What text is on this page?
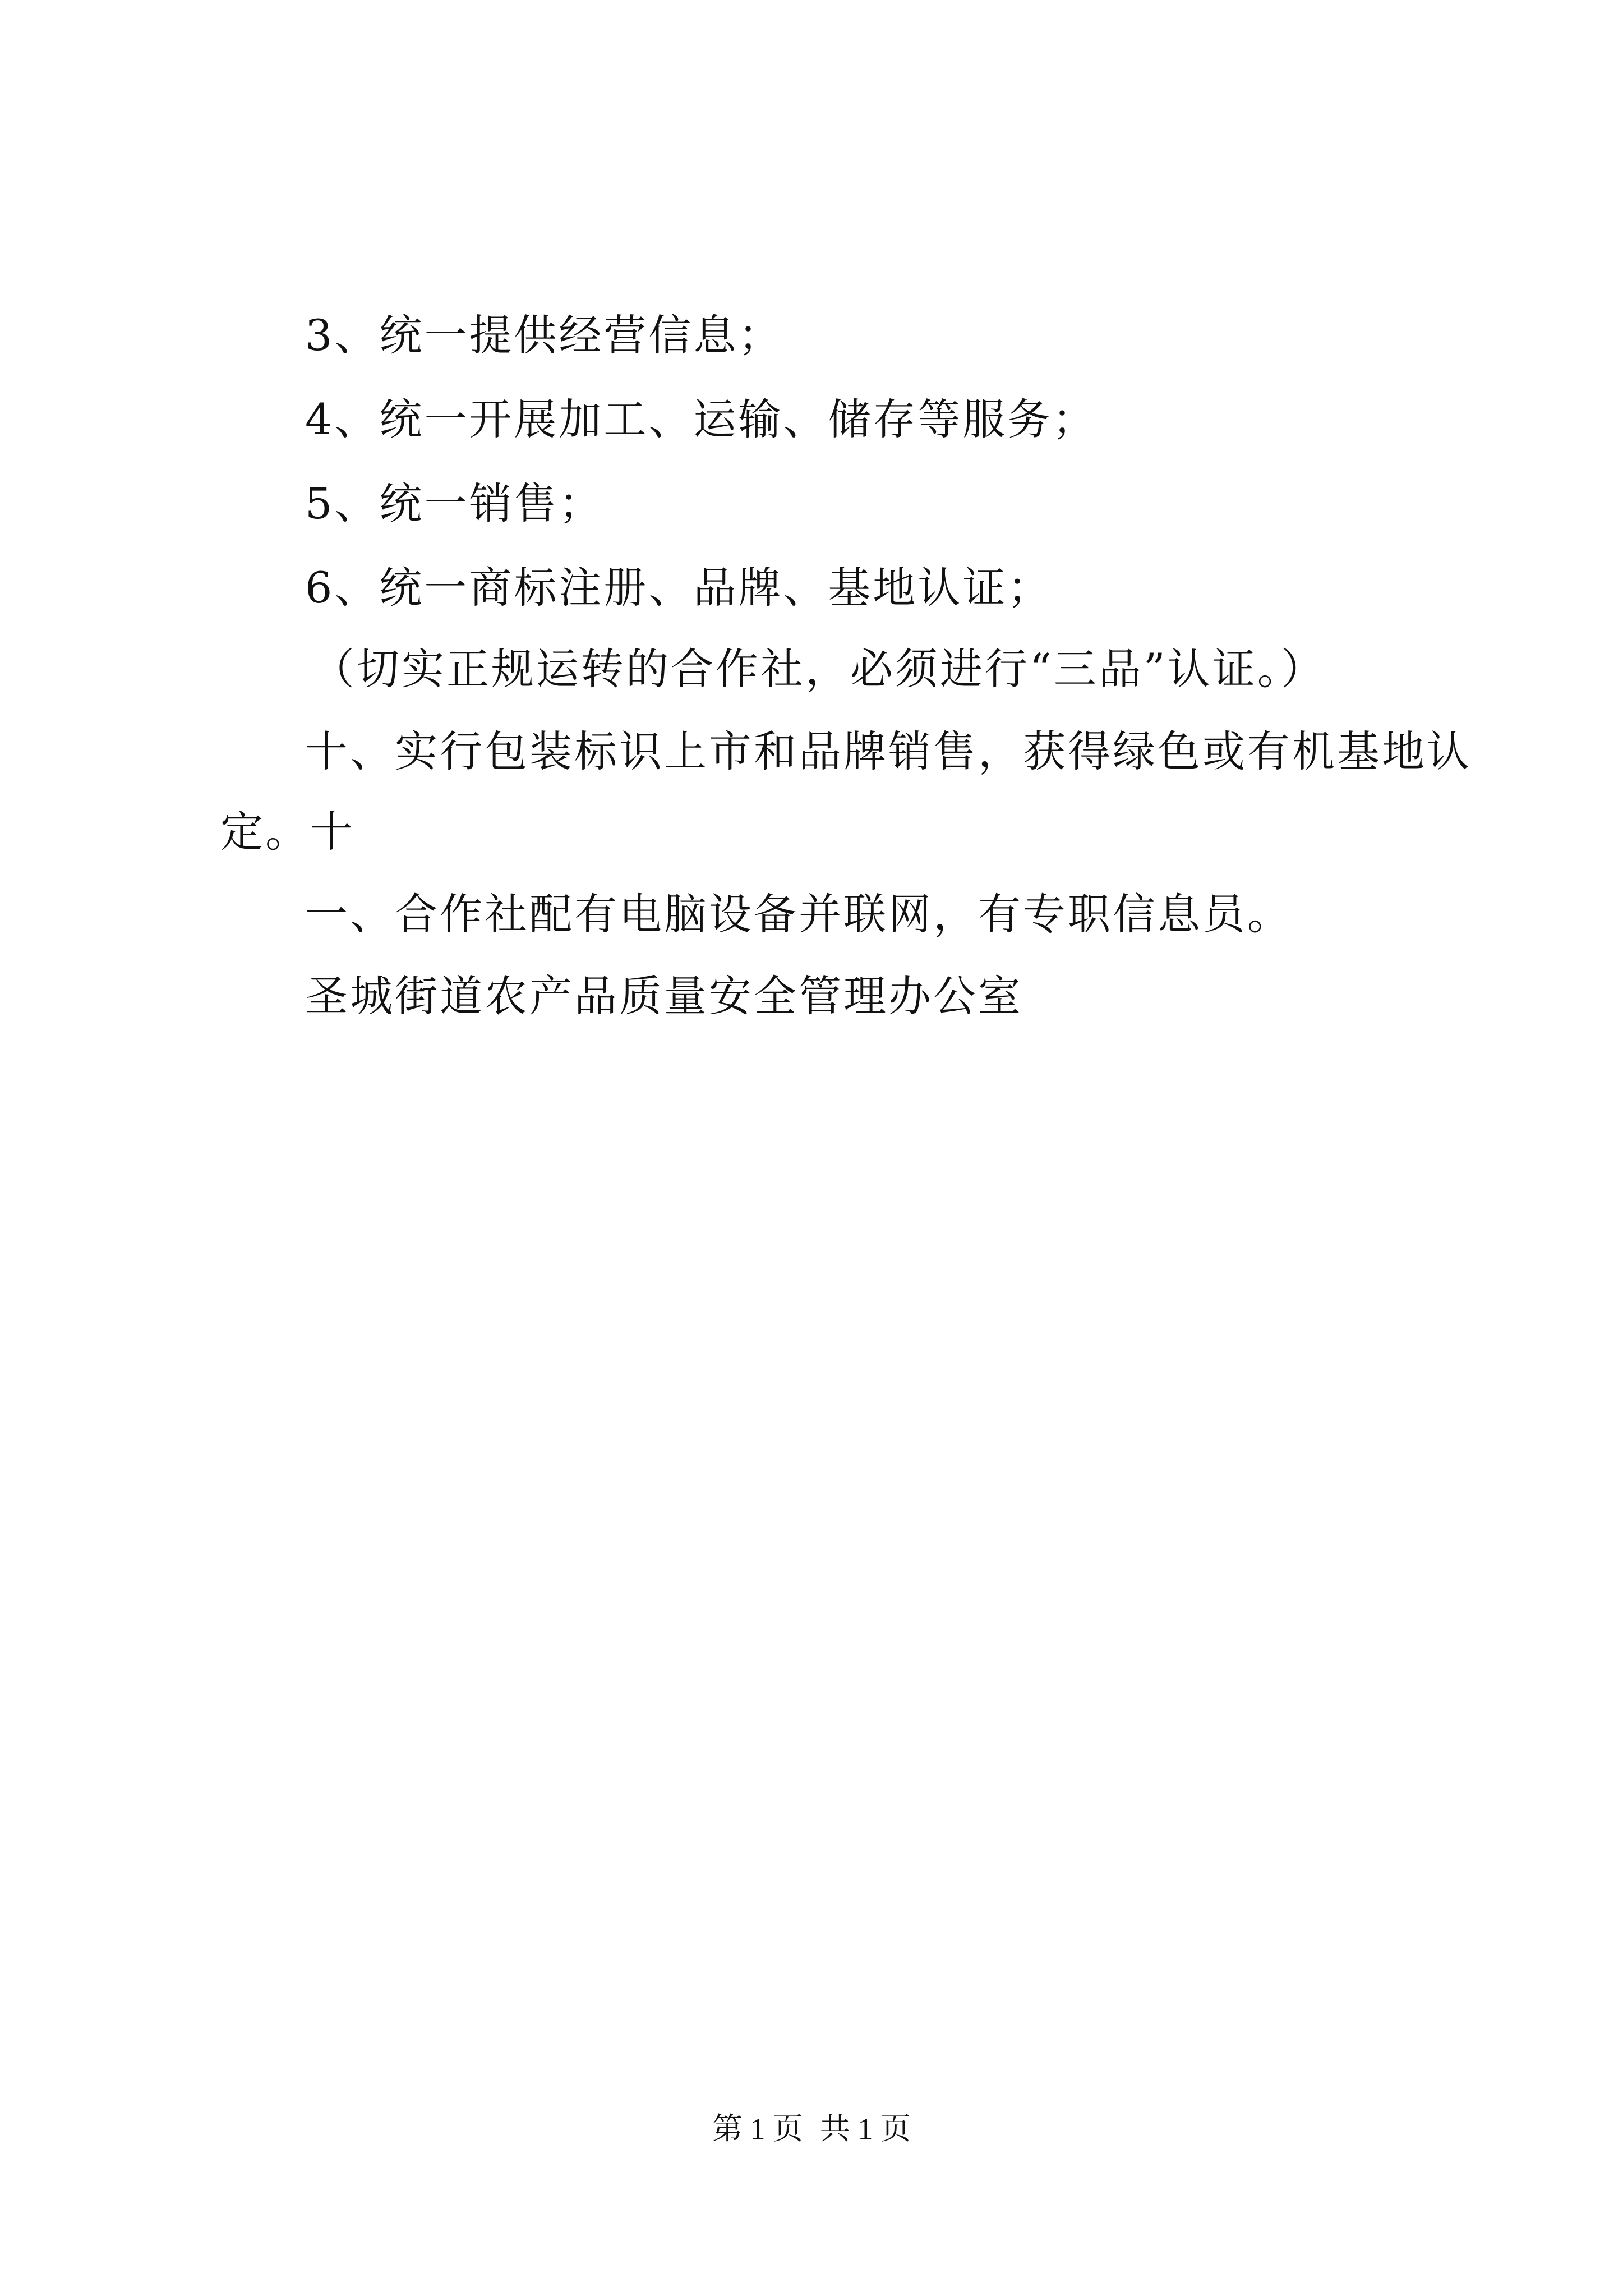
3、统一提供经营信息；

4、统一开展加工、运输、储存等服务；

5、统一销售；

6、统一商标注册、品牌、基地认证；

（切实正规运转的合作社，必须进行“三品”认证。）

十、实行包装标识上市和品牌销售，获得绿色或有机基地认

定。十

一、合作社配有电脑设备并联网，有专职信息员。

圣城街道农产品质量安全管理办公室

第 1 页 共 1 页
